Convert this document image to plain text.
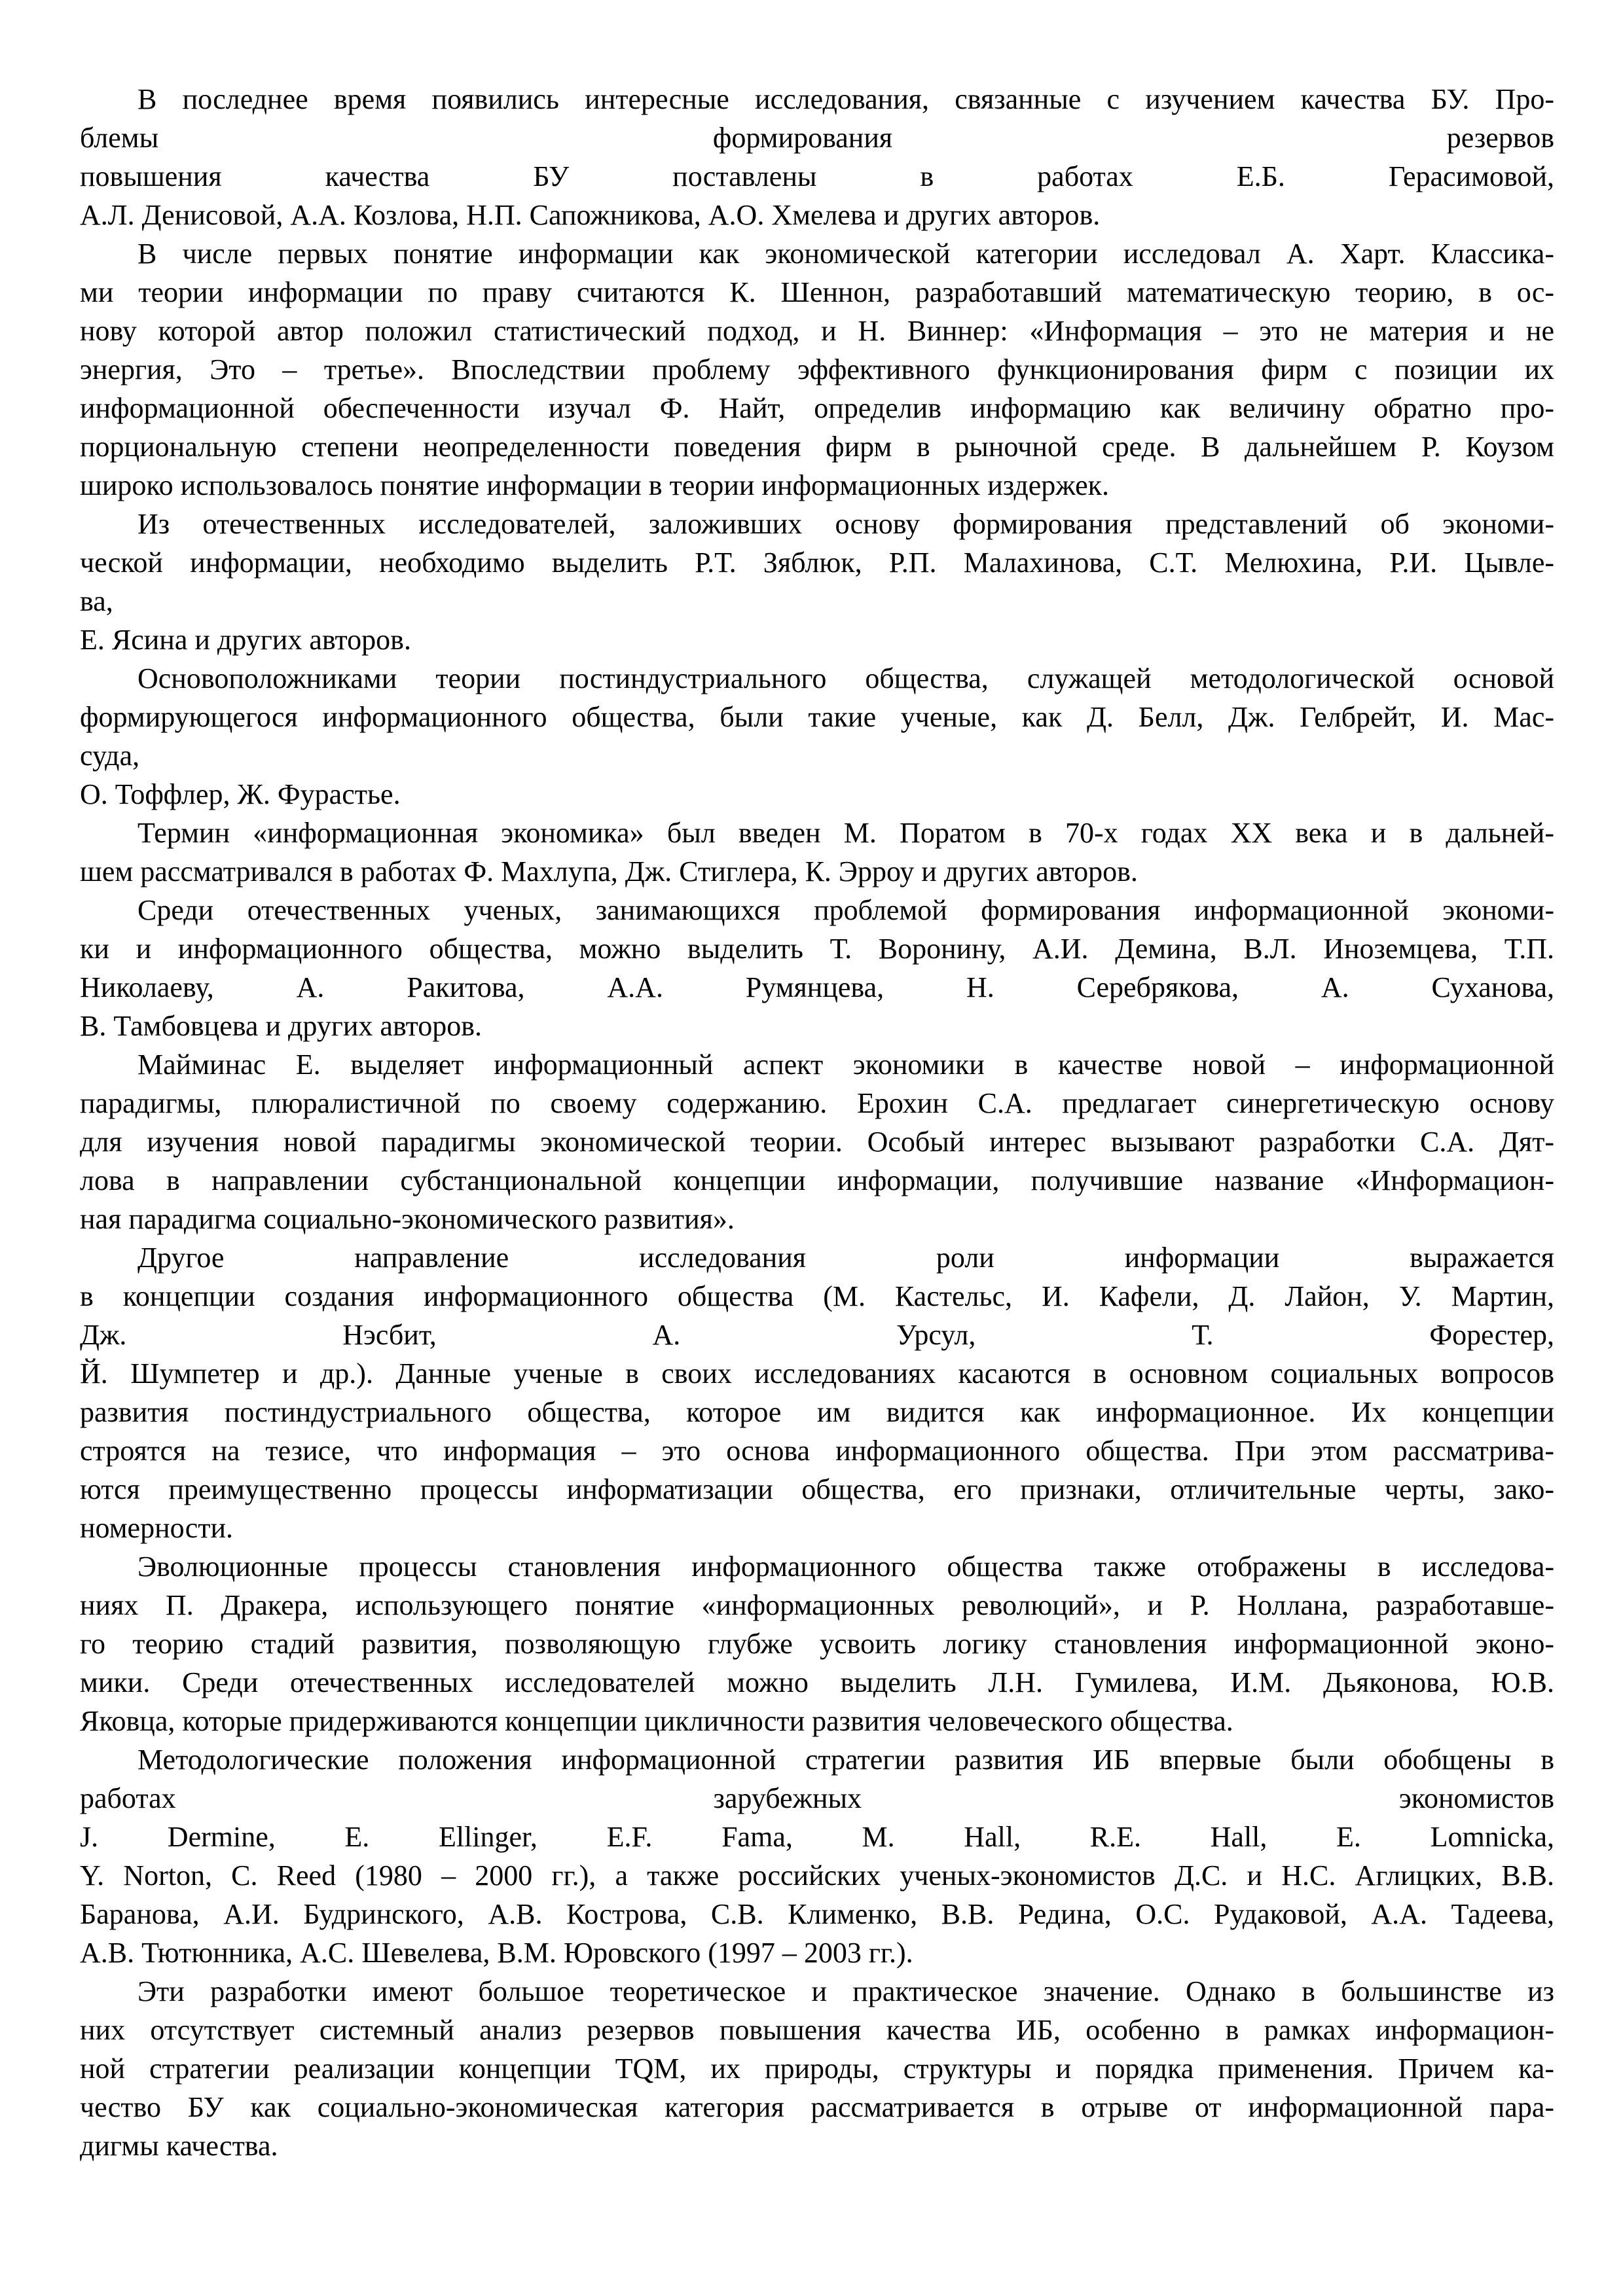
В последнее время появились интересные исследования, связанные с изучением качества БУ. Про-
блемы формирования резервов
повышения качества БУ поставлены в работах Е.Б. Герасимовой,
А.Л. Денисовой, А.А. Козлова, Н.П. Сапожникова, А.О. Хмелева и других авторов.
В числе первых понятие информации как экономической категории исследовал А. Харт. Классика-
ми теории информации по праву считаются К. Шеннон, разработавший математическую теорию, в ос-
нову которой автор положил статистический подход, и Н. Виннер: «Информация – это не материя и не
энергия, Это – третье». Впоследствии проблему эффективного функционирования фирм с позиции их
информационной обеспеченности изучал Ф. Найт, определив информацию как величину обратно про-
порциональную степени неопределенности поведения фирм в рыночной среде. В дальнейшем Р. Коузом
широко использовалось понятие информации в теории информационных издержек.
Из отечественных исследователей, заложивших основу формирования представлений об экономи-
ческой информации, необходимо выделить Р.Т. Зяблюк, Р.П. Малахинова, С.Т. Мелюхина, Р.И. Цывле-
ва,
Е. Ясина и других авторов.
Основоположниками теории постиндустриального общества, служащей методологической основой
формирующегося информационного общества, были такие ученые, как Д. Белл, Дж. Гелбрейт, И. Мас-
суда,
О. Тоффлер, Ж. Фурастье.
Термин «информационная экономика» был введен М. Поратом в 70-х годах ХХ века и в дальней-
шем рассматривался в работах Ф. Махлупа, Дж. Стиглера, К. Эрроу и других авторов.
Среди отечественных ученых, занимающихся проблемой формирования информационной экономи-
ки и информационного общества, можно выделить Т. Воронину, А.И. Демина, В.Л. Иноземцева, Т.П.
Николаеву, А. Ракитова, А.А. Румянцева, Н. Серебрякова, А. Суханова,
В. Тамбовцева и других авторов.
Майминас Е. выделяет информационный аспект экономики в качестве новой – информационной
парадигмы, плюралистичной по своему содержанию. Ерохин С.А. предлагает синергетическую основу
для изучения новой парадигмы экономической теории. Особый интерес вызывают разработки С.А. Дят-
лова в направлении субстанциональной концепции информации, получившие название «Информацион-
ная парадигма социально-экономического развития».
Другое направление исследования роли информации выражается
в концепции создания информационного общества (М. Кастельс, И. Кафели, Д. Лайон, У. Мартин,
Дж. Нэсбит, А. Урсул, Т. Форестер,
Й. Шумпетер и др.). Данные ученые в своих исследованиях касаются в основном социальных вопросов
развития постиндустриального общества, которое им видится как информационное. Их концепции
строятся на тезисе, что информация – это основа информационного общества. При этом рассматрива-
ются преимущественно процессы информатизации общества, его признаки, отличительные черты, зако-
номерности.
Эволюционные процессы становления информационного общества также отображены в исследова-
ниях П. Дракера, использующего понятие «информационных революций», и Р. Ноллана, разработавше-
го теорию стадий развития, позволяющую глубже усвоить логику становления информационной эконо-
мики. Среди отечественных исследователей можно выделить Л.Н. Гумилева, И.М. Дьяконова, Ю.В.
Яковца, которые придерживаются концепции цикличности развития человеческого общества.
Методологические положения информационной стратегии развития ИБ впервые были обобщены в
работах зарубежных экономистов
J. Dermine, E. Ellinger, E.F. Fama, M. Hall, R.E. Hall, E. Lomnicka,
Y. Norton, C. Reed (1980 – 2000 гг.), а также российских ученых-экономистов Д.С. и Н.С. Аглицких, В.В.
Баранова, А.И. Будринского, А.В. Кострова, С.В. Клименко, В.В. Редина, О.С. Рудаковой, А.А. Тадеева,
А.В. Тютюнника, А.С. Шевелева, В.М. Юровского (1997 – 2003 гг.).
Эти разработки имеют большое теоретическое и практическое значение. Однако в большинстве из
них отсутствует системный анализ резервов повышения качества ИБ, особенно в рамках информацион-
ной стратегии реализации концепции TQM, их природы, структуры и порядка применения. Причем ка-
чество БУ как социально-экономическая категория рассматривается в отрыве от информационной пара-
дигмы качества.
